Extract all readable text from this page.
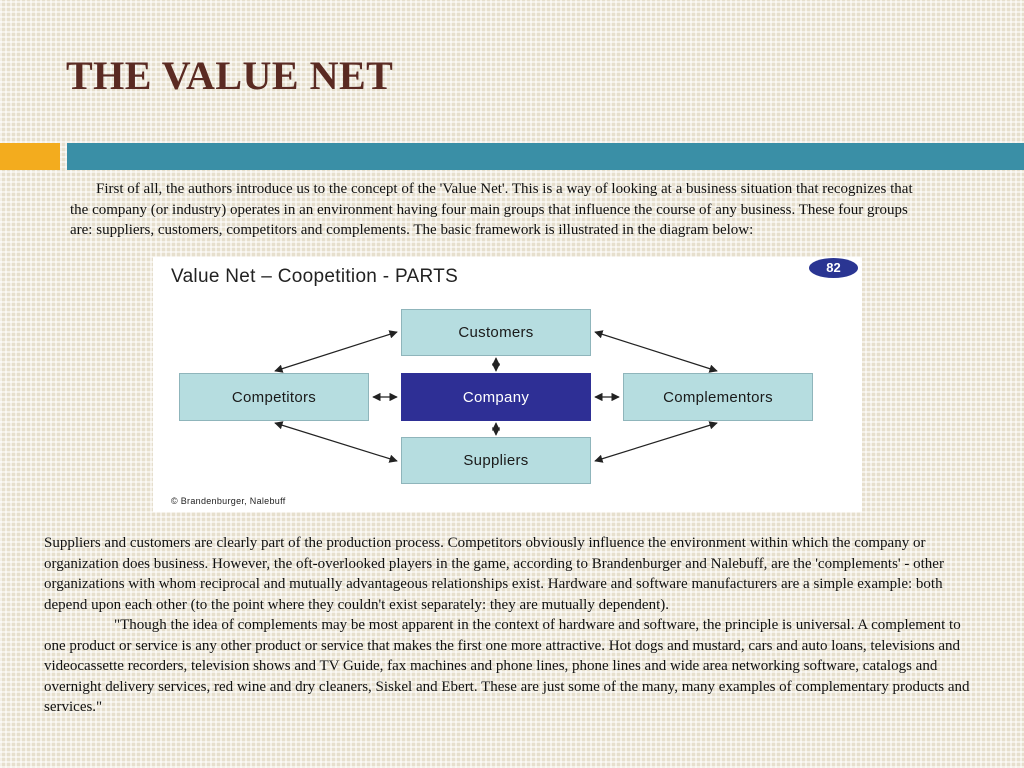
THE VALUE NET
First of all, the authors introduce us to the concept of the 'Value Net'. This is a way of looking at a business situation that recognizes that the company (or industry) operates in an environment having four main groups that influence the course of any business. These four groups are: suppliers, customers, competitors and complements. The basic framework is illustrated in the diagram below:
Value Net – Coopetition - PARTS	82
Customers
Competitors	Company	Complementors
Suppliers
© Brandenburger, Nalebuff

Suppliers and customers are clearly part of the production process. Competitors obviously influence the environment within which the company or organization does business. However, the oft-overlooked players in the game, according to Brandenburger and Nalebuff, are the 'complements' - other organizations with whom reciprocal and mutually advantageous relationships exist. Hardware and software manufacturers are a simple example: both depend upon each other (to the point where they couldn't exist separately: they are mutually dependent).

"Though the idea of complements may be most apparent in the context of hardware and software, the principle is universal. A complement to one product or service is any other product or service that makes the first one more attractive. Hot dogs and mustard, cars and auto loans, televisions and videocassette recorders, television shows and TV Guide, fax machines and phone lines, phone lines and wide area networking software, catalogs and overnight delivery services, red wine and dry cleaners, Siskel and Ebert. These are just some of the many, many examples of complementary products and services."
